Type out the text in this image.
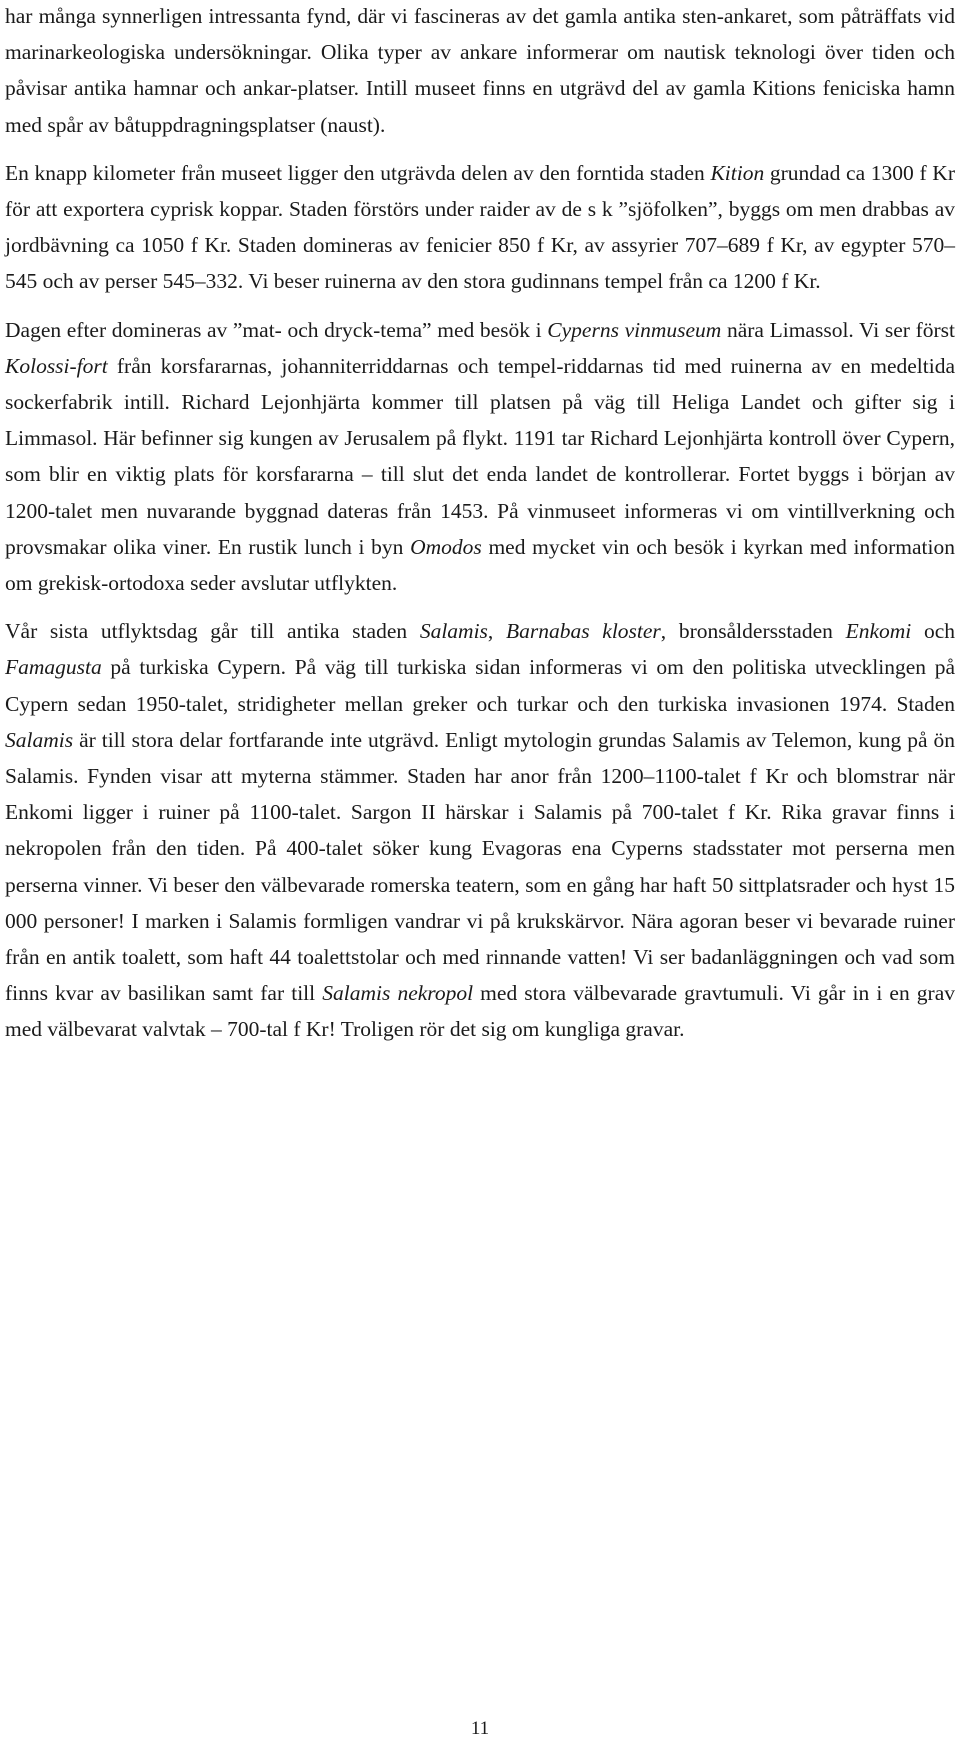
har många synnerligen intressanta fynd, där vi fascineras av det gamla antika sten-ankaret, som påträffats vid marinarkeologiska undersökningar. Olika typer av ankare informerar om nautisk teknologi över tiden och påvisar antika hamnar och ankar-platser. Intill museet finns en utgrävd del av gamla Kitions feniciska hamn med spår av båtuppdragningsplatser (naust).

En knapp kilometer från museet ligger den utgrävda delen av den forntida staden Kition grundad ca 1300 f Kr för att exportera cyprisk koppar. Staden förstörs under raider av de s k ”sjöfolken”, byggs om men drabbas av jordbävning ca 1050 f Kr. Staden domineras av fenicier 850 f Kr, av assyrier 707–689 f Kr, av egypter 570–545 och av perser 545–332. Vi beser ruinerna av den stora gudinnans tempel från ca 1200 f Kr.

Dagen efter domineras av ”mat- och dryck-tema” med besök i Cyperns vinmuseum nära Limassol. Vi ser först Kolossi-fort från korsfararnas, johanniterriddarnas och tempel-riddarnas tid med ruinerna av en medeltida sockerfabrik intill. Richard Lejonhjärta kommer till platsen på väg till Heliga Landet och gifter sig i Limmasol. Här befinner sig kungen av Jerusalem på flykt. 1191 tar Richard Lejonhjärta kontroll över Cypern, som blir en viktig plats för korsfararna – till slut det enda landet de kontrollerar. Fortet byggs i början av 1200-talet men nuvarande byggnad dateras från 1453. På vinmuseet informeras vi om vintillverkning och provsmakar olika viner. En rustik lunch i byn Omodos med mycket vin och besök i kyrkan med information om grekisk-ortodoxa seder avslutar utflykten.

Vår sista utflyktsdag går till antika staden Salamis, Barnabas kloster, bronsåldersstaden Enkomi och Famagusta på turkiska Cypern. På väg till turkiska sidan informeras vi om den politiska utvecklingen på Cypern sedan 1950-talet, stridigheter mellan greker och turkar och den turkiska invasionen 1974. Staden Salamis är till stora delar fortfarande inte utgrävd. Enligt mytologin grundas Salamis av Telemon, kung på ön Salamis. Fynden visar att myterna stämmer. Staden har anor från 1200–1100-talet f Kr och blomstrar när Enkomi ligger i ruiner på 1100-talet. Sargon II härskar i Salamis på 700-talet f Kr. Rika gravar finns i nekropolen från den tiden. På 400-talet söker kung Evagoras ena Cyperns stadsstater mot perserna men perserna vinner. Vi beser den välbevarade romerska teatern, som en gång har haft 50 sittplatsrader och hyst 15 000 personer! I marken i Salamis formligen vandrar vi på krukskärvor. Nära agoran beser vi bevarade ruiner från en antik toalett, som haft 44 toalettstolar och med rinnande vatten! Vi ser badanläggningen och vad som finns kvar av basilikan samt far till Salamis nekropol med stora välbevarade gravtumuli. Vi går in i en grav med välbevarat valvtak – 700-tal f Kr! Troligen rör det sig om kungliga gravar.

11
